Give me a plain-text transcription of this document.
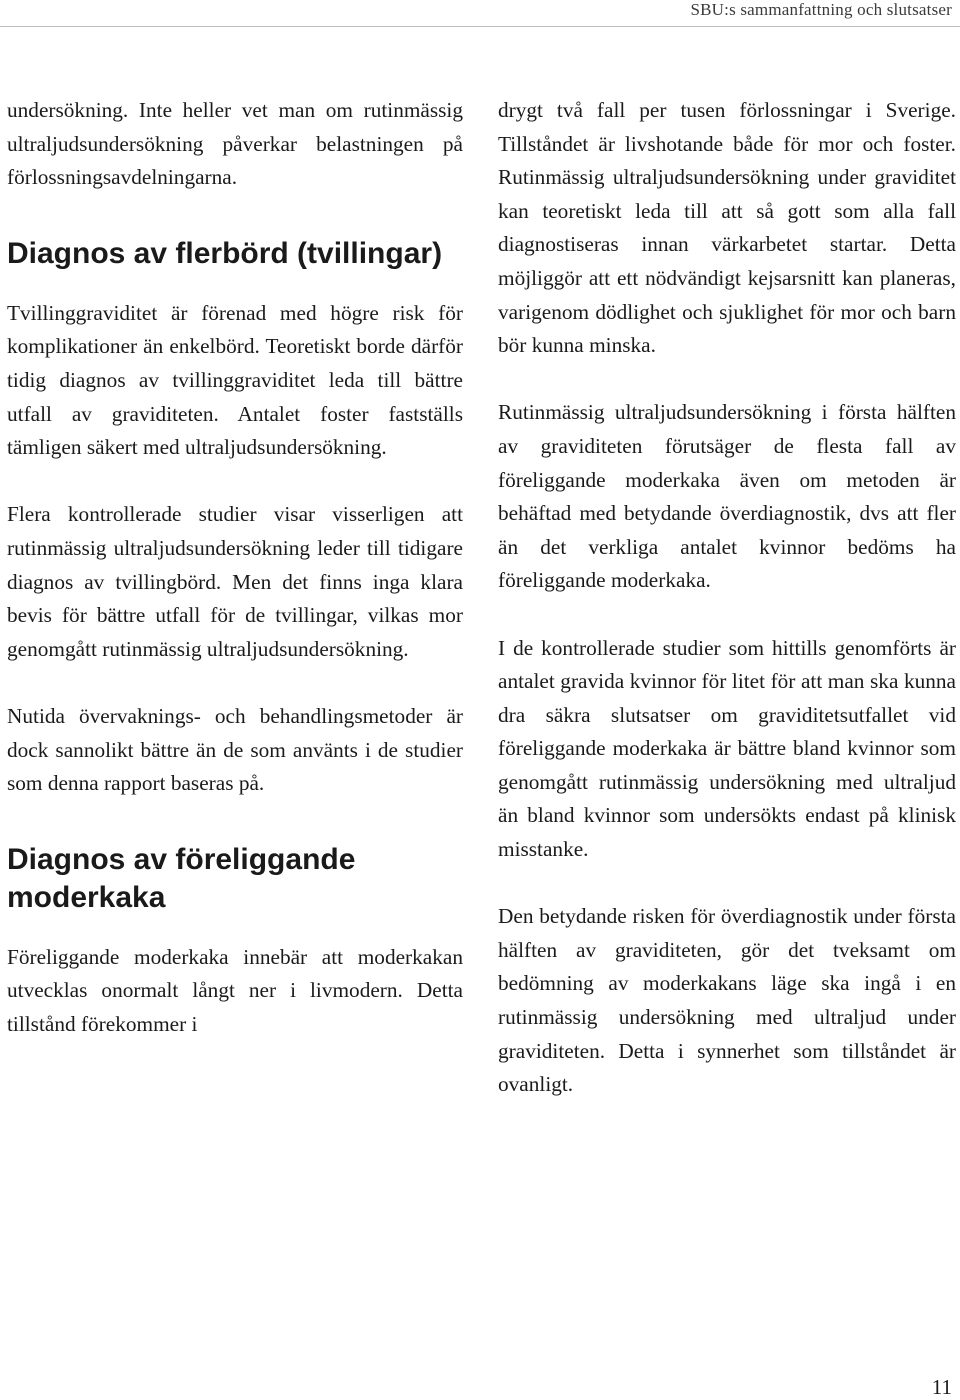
SBU:s sammanfattning och slutsatser

undersökning. Inte heller vet man om rutinmässig ultraljudsundersökning påverkar belastningen på förlossningsavdelningarna.

Diagnos av flerbörd (tvillingar)

Tvillinggraviditet är förenad med högre risk för komplikationer än enkelbörd. Teoretiskt borde därför tidig diagnos av tvillinggraviditet leda till bättre utfall av graviditeten. Antalet foster fastställs tämligen säkert med ultraljudsundersökning.

Flera kontrollerade studier visar visserligen att rutinmässig ultraljudsundersökning leder till tidigare diagnos av tvillingbörd. Men det finns inga klara bevis för bättre utfall för de tvillingar, vilkas mor genomgått rutinmässig ultraljudsundersökning.

Nutida övervaknings- och behandlingsmetoder är dock sannolikt bättre än de som använts i de studier som denna rapport baseras på.

Diagnos av föreliggande moderkaka

Föreliggande moderkaka innebär att moderkakan utvecklas onormalt långt ner i livmodern. Detta tillstånd förekommer i

drygt två fall per tusen förlossningar i Sverige. Tillståndet är livshotande både för mor och foster. Rutinmässig ultraljudsundersökning under graviditet kan teoretiskt leda till att så gott som alla fall diagnostiseras innan värkarbetet startar. Detta möjliggör att ett nödvändigt kejsarsnitt kan planeras, varigenom dödlighet och sjuklighet för mor och barn bör kunna minska.

Rutinmässig ultraljudsundersökning i första hälften av graviditeten förutsäger de flesta fall av föreliggande moderkaka även om metoden är behäftad med betydande överdiagnostik, dvs att fler än det verkliga antalet kvinnor bedöms ha föreliggande moderkaka.

I de kontrollerade studier som hittills genomförts är antalet gravida kvinnor för litet för att man ska kunna dra säkra slutsatser om graviditetsutfallet vid föreliggande moderkaka är bättre bland kvinnor som genomgått rutinmässig undersökning med ultraljud än bland kvinnor som undersökts endast på klinisk misstanke.

Den betydande risken för överdiagnostik under första hälften av graviditeten, gör det tveksamt om bedömning av moderkakans läge ska ingå i en rutinmässig undersökning med ultraljud under graviditeten. Detta i synnerhet som tillståndet är ovanligt.

11
